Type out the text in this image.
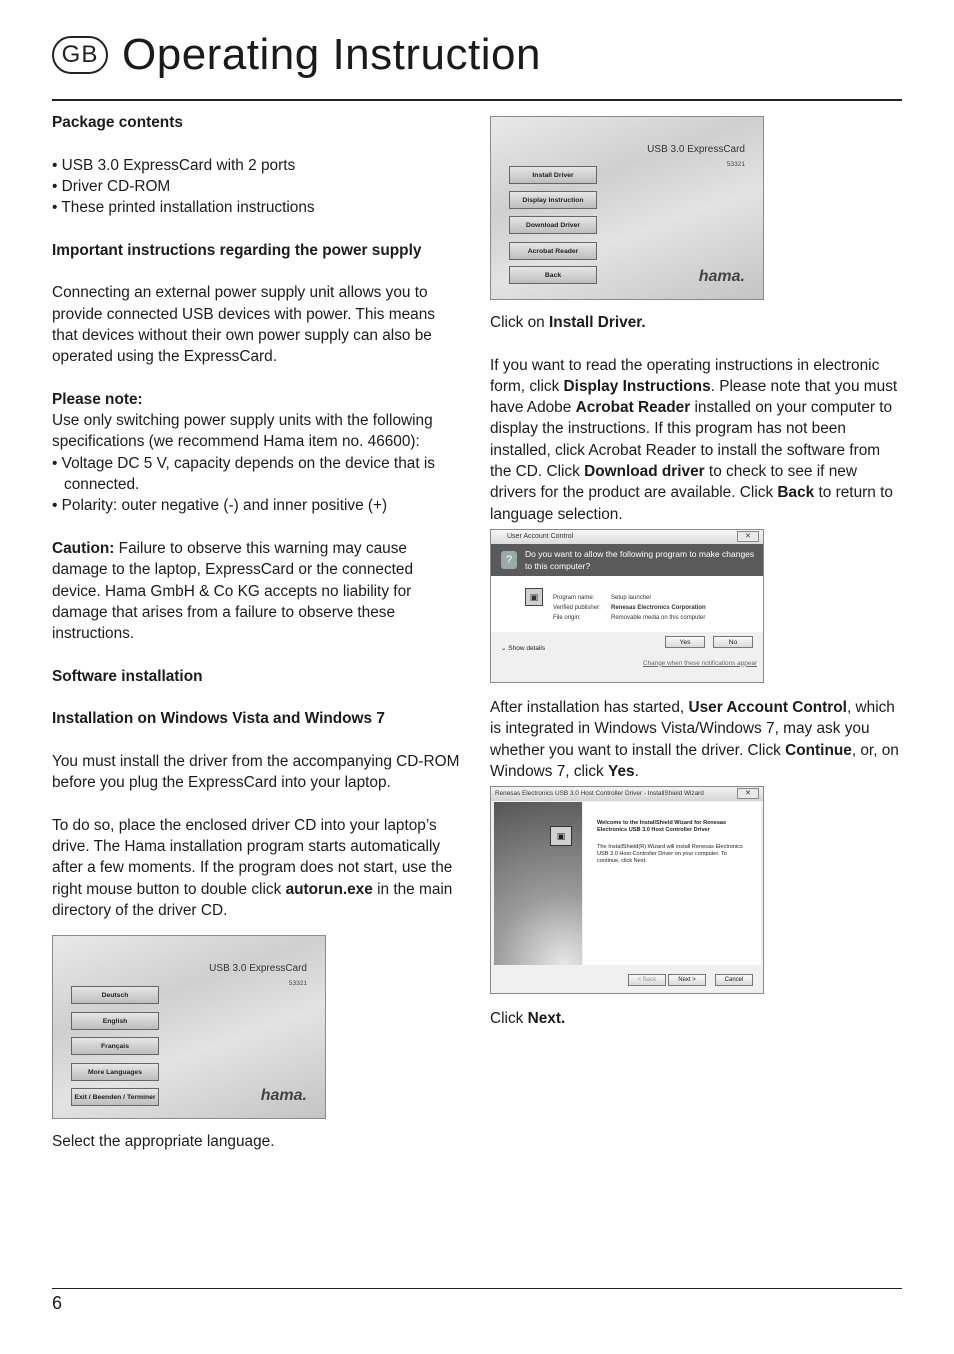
GB Operating Instruction

Package contents

• USB 3.0 ExpressCard with 2 ports

• Driver CD-ROM

• These printed installation instructions

Important instructions regarding the power supply

Connecting an external power supply unit allows you to provide connected USB devices with power. This means that devices without their own power supply can also be operated using the ExpressCard.

Please note:

Use only switching power supply units with the following specifications (we recommend Hama item no. 46600):

• Voltage DC 5 V, capacity depends on the device that is connected.

• Polarity: outer negative (-) and inner positive (+)

Caution: Failure to observe this warning may cause damage to the laptop, ExpressCard or the connected device. Hama GmbH & Co KG accepts no liability for damage that arises from a failure to observe these instructions.

Software installation

Installation on Windows Vista and Windows 7

You must install the driver from the accompanying CD-ROM before you plug the ExpressCard into your laptop.

To do so, place the enclosed driver CD into your laptop’s drive. The Hama installation program starts automatically after a few moments. If the program does not start, use the right mouse button to double click autorun.exe in the main directory of the driver CD.

USB 3.0 ExpressCard
53321
Deutsch
English
Français
More Languages
Exit / Beenden / Terminer	hama.

Select the appropriate language.

USB 3.0 ExpressCard
53321
Install Driver
Display Instruction
Download Driver
Acrobat Reader
Back	hama.

Click on Install Driver.

If you want to read the operating instructions in electronic form, click Display Instructions. Please note that you must have Adobe Acrobat Reader installed on your computer to display the instructions. If this program has not been installed, click Acrobat Reader to install the software from the CD. Click Download driver to check to see if new drivers for the product are available. Click Back to return to language selection.

User Account Control	✕
?	Do you want to allow the following program to make changes to this computer?
▣	Program name:	Setup launcher
Verified publisher: Renesas Electronics Corporation
File origin:	Removable media on this computer
⌄ Show details
Yes	No
Change when these notifications appear

After installation has started, User Account Control, which is integrated in Windows Vista/Windows 7, may ask you whether you want to install the driver. Click Continue, or, on Windows 7, click Yes.

Renesas Electronics USB 3.0 Host Controller Driver - InstallShield Wizard	✕
▣
Welcome to the InstallShield Wizard for Renesas Electronics USB 3.0 Host Controller Driver
The InstallShield(R) Wizard will install Renesas Electronics USB 3.0 Host Controller Driver on your computer. To continue, click Next.
< Back	Next >	Cancel

Click Next.

6
